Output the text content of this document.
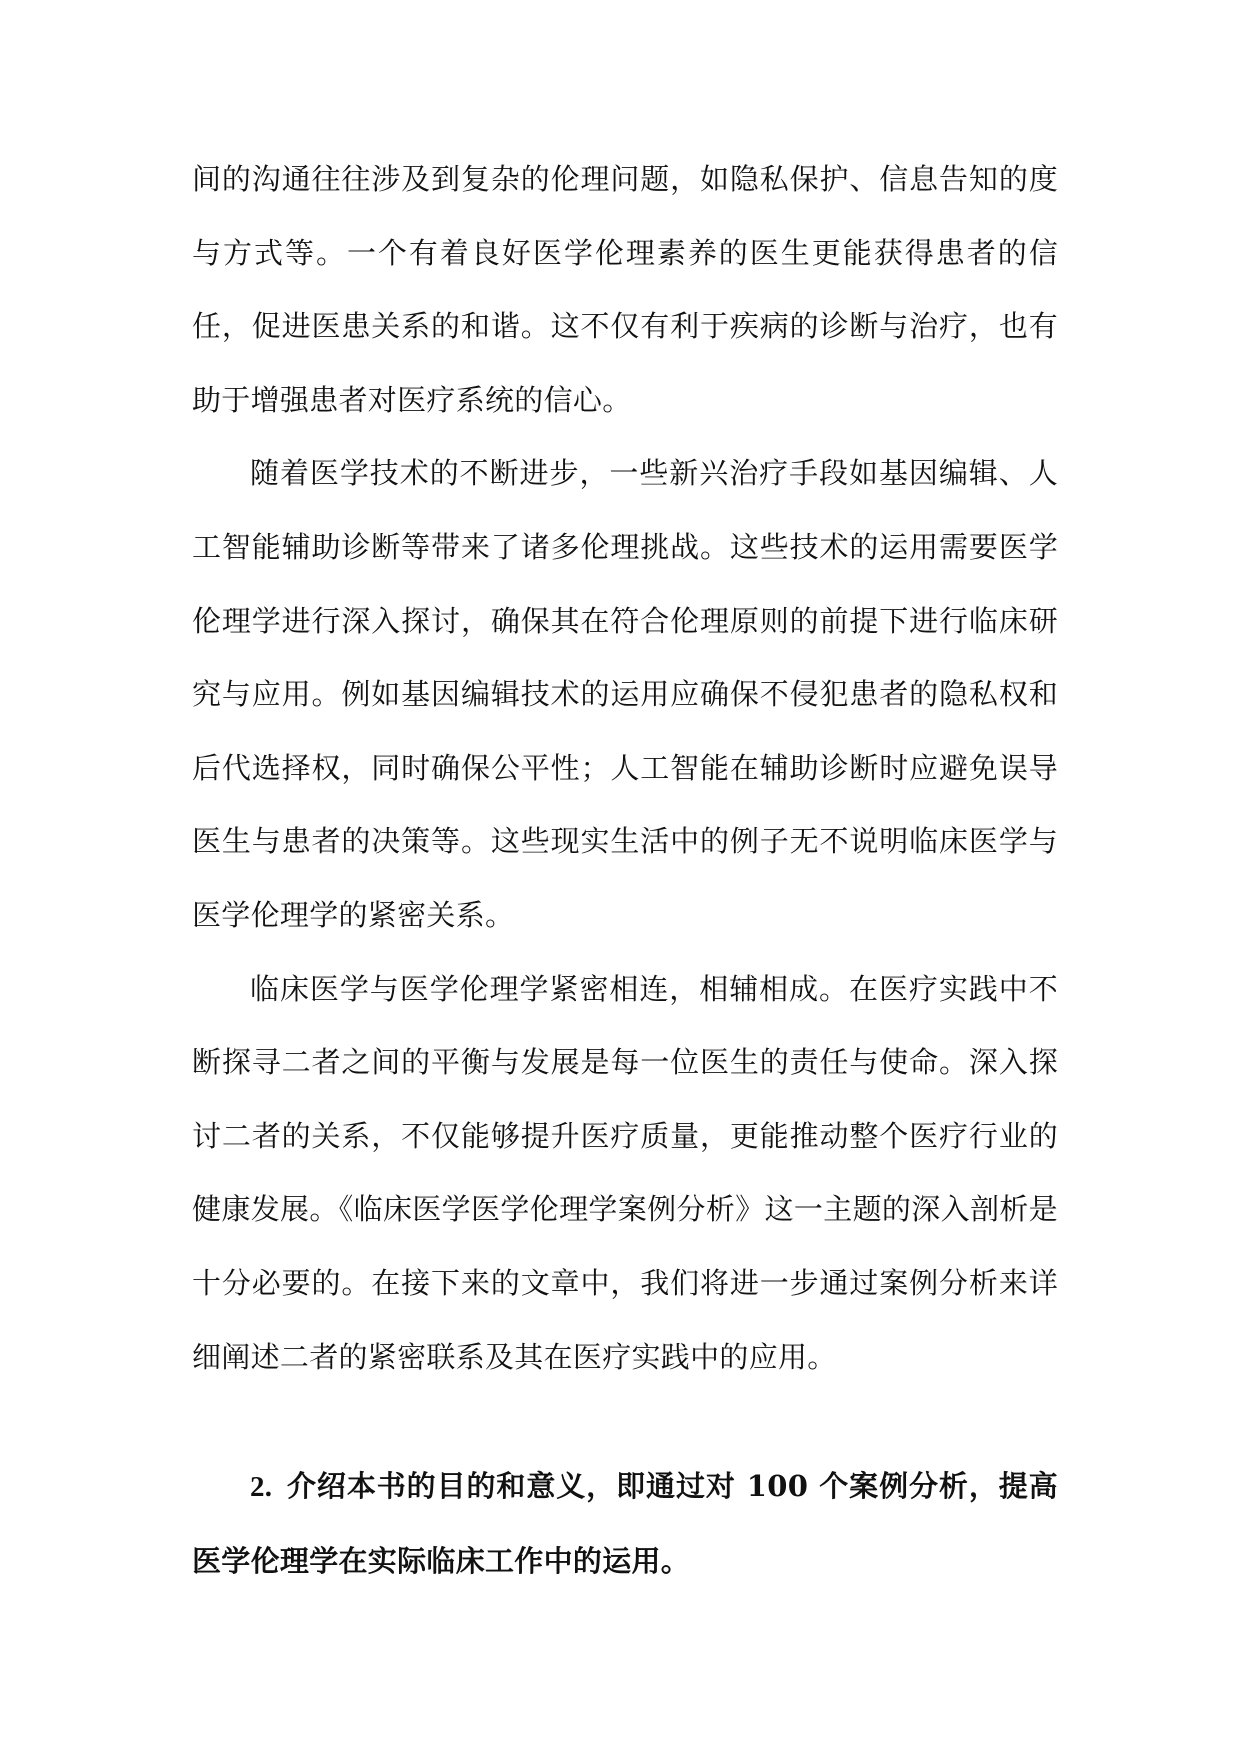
间的沟通往往涉及到复杂的伦理问题，如隐私保护、信息告知的度与方式等。一个有着良好医学伦理素养的医生更能获得患者的信任，促进医患关系的和谐。这不仅有利于疾病的诊断与治疗，也有助于增强患者对医疗系统的信心。

随着医学技术的不断进步，一些新兴治疗手段如基因编辑、人工智能辅助诊断等带来了诸多伦理挑战。这些技术的运用需要医学伦理学进行深入探讨，确保其在符合伦理原则的前提下进行临床研究与应用。例如基因编辑技术的运用应确保不侵犯患者的隐私权和后代选择权，同时确保公平性；人工智能在辅助诊断时应避免误导医生与患者的决策等。这些现实生活中的例子无不说明临床医学与医学伦理学的紧密关系。

临床医学与医学伦理学紧密相连，相辅相成。在医疗实践中不断探寻二者之间的平衡与发展是每一位医生的责任与使命。深入探讨二者的关系，不仅能够提升医疗质量，更能推动整个医疗行业的健康发展。《临床医学医学伦理学案例分析》这一主题的深入剖析是十分必要的。在接下来的文章中，我们将进一步通过案例分析来详细阐述二者的紧密联系及其在医疗实践中的应用。

2. 介绍本书的目的和意义，即通过对 100 个案例分析，提高医学伦理学在实际临床工作中的运用。
